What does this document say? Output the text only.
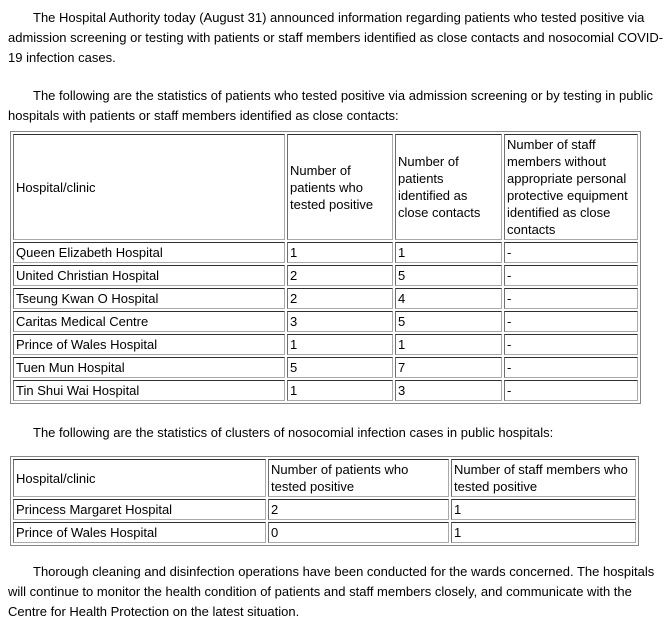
The Hospital Authority today (August 31) announced information regarding patients who tested positive via admission screening or testing with patients or staff members identified as close contacts and nosocomial COVID-19 infection cases.

The following are the statistics of patients who tested positive via admission screening or by testing in public hospitals with patients or staff members identified as close contacts:

Hospital/clinic	Number of patients who tested positive	Number of patients identified as close contacts	Number of staff members without appropriate personal protective equipment identified as close contacts
Queen Elizabeth Hospital	1	1	-
United Christian Hospital	2	5	-
Tseung Kwan O Hospital	2	4	-
Caritas Medical Centre	3	5	-
Prince of Wales Hospital	1	1	-
Tuen Mun Hospital	5	7	-
Tin Shui Wai Hospital	1	3	-

The following are the statistics of clusters of nosocomial infection cases in public hospitals:

Hospital/clinic	Number of patients who tested positive	Number of staff members who tested positive
Princess Margaret Hospital	2	1
Prince of Wales Hospital	0	1

Thorough cleaning and disinfection operations have been conducted for the wards concerned. The hospitals will continue to monitor the health condition of patients and staff members closely, and communicate with the Centre for Health Protection on the latest situation.
